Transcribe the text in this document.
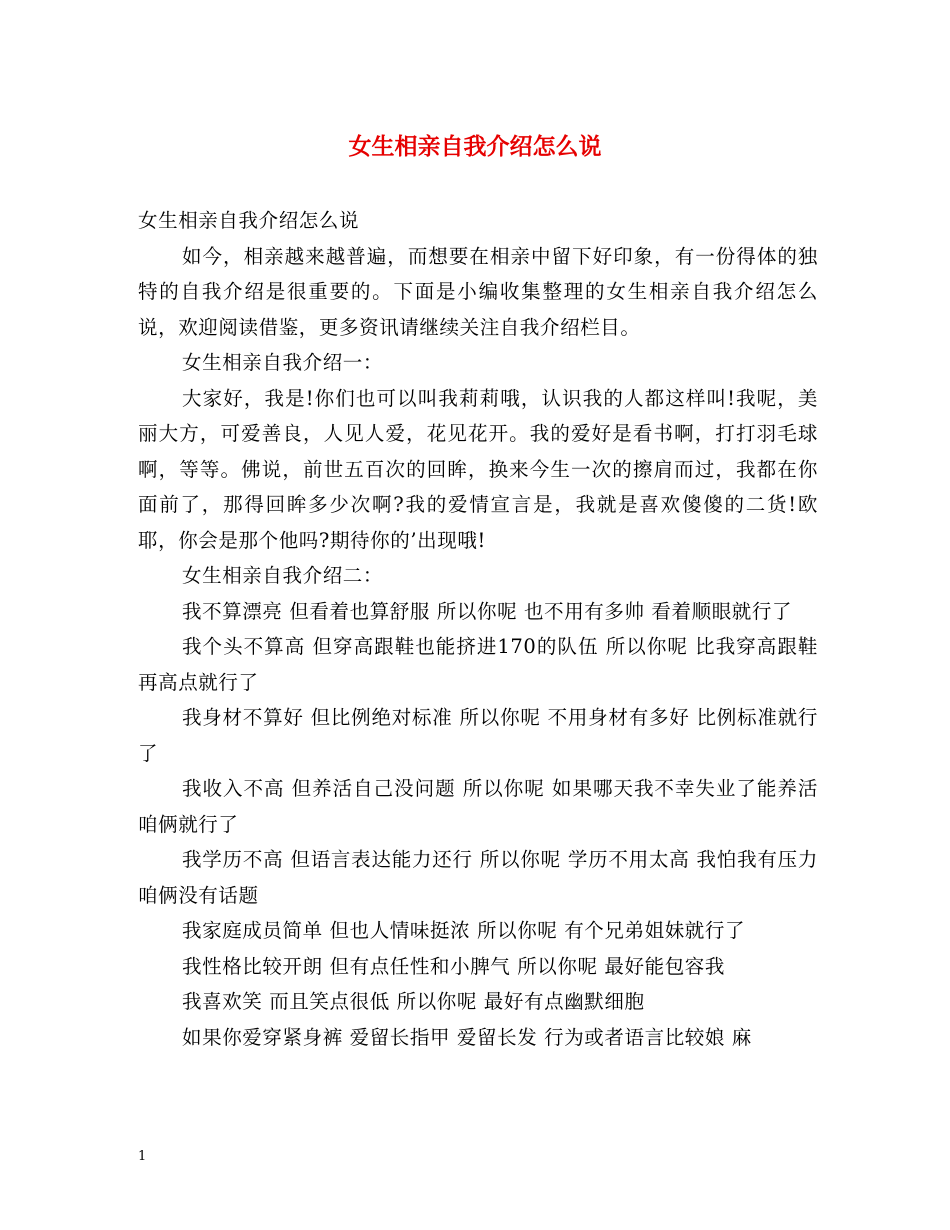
女生相亲自我介绍怎么说

女生相亲自我介绍怎么说

如今，相亲越来越普遍，而想要在相亲中留下好印象，有一份得体的独特的自我介绍是很重要的。下面是小编收集整理的女生相亲自我介绍怎么说，欢迎阅读借鉴，更多资讯请继续关注自我介绍栏目。

女生相亲自我介绍一：

大家好，我是!你们也可以叫我莉莉哦，认识我的人都这样叫!我呢，美丽大方，可爱善良，人见人爱，花见花开。我的爱好是看书啊，打打羽毛球啊，等等。佛说，前世五百次的回眸，换来今生一次的擦肩而过，我都在你面前了，那得回眸多少次啊?我的爱情宣言是，我就是喜欢傻傻的二货!欧耶，你会是那个他吗?期待你的’出现哦!

女生相亲自我介绍二：

我不算漂亮 但看着也算舒服 所以你呢 也不用有多帅 看着顺眼就行了

我个头不算高 但穿高跟鞋也能挤进170的队伍 所以你呢 比我穿高跟鞋再高点就行了

我身材不算好 但比例绝对标准 所以你呢 不用身材有多好 比例标准就行了

我收入不高 但养活自己没问题 所以你呢 如果哪天我不幸失业了能养活咱俩就行了

我学历不高 但语言表达能力还行 所以你呢 学历不用太高 我怕我有压力 咱俩没有话题

我家庭成员简单 但也人情味挺浓 所以你呢 有个兄弟姐妹就行了

我性格比较开朗 但有点任性和小脾气 所以你呢 最好能包容我

我喜欢笑 而且笑点很低 所以你呢 最好有点幽默细胞

如果你爱穿紧身裤 爱留长指甲 爱留长发 行为或者语言比较娘 麻

1
